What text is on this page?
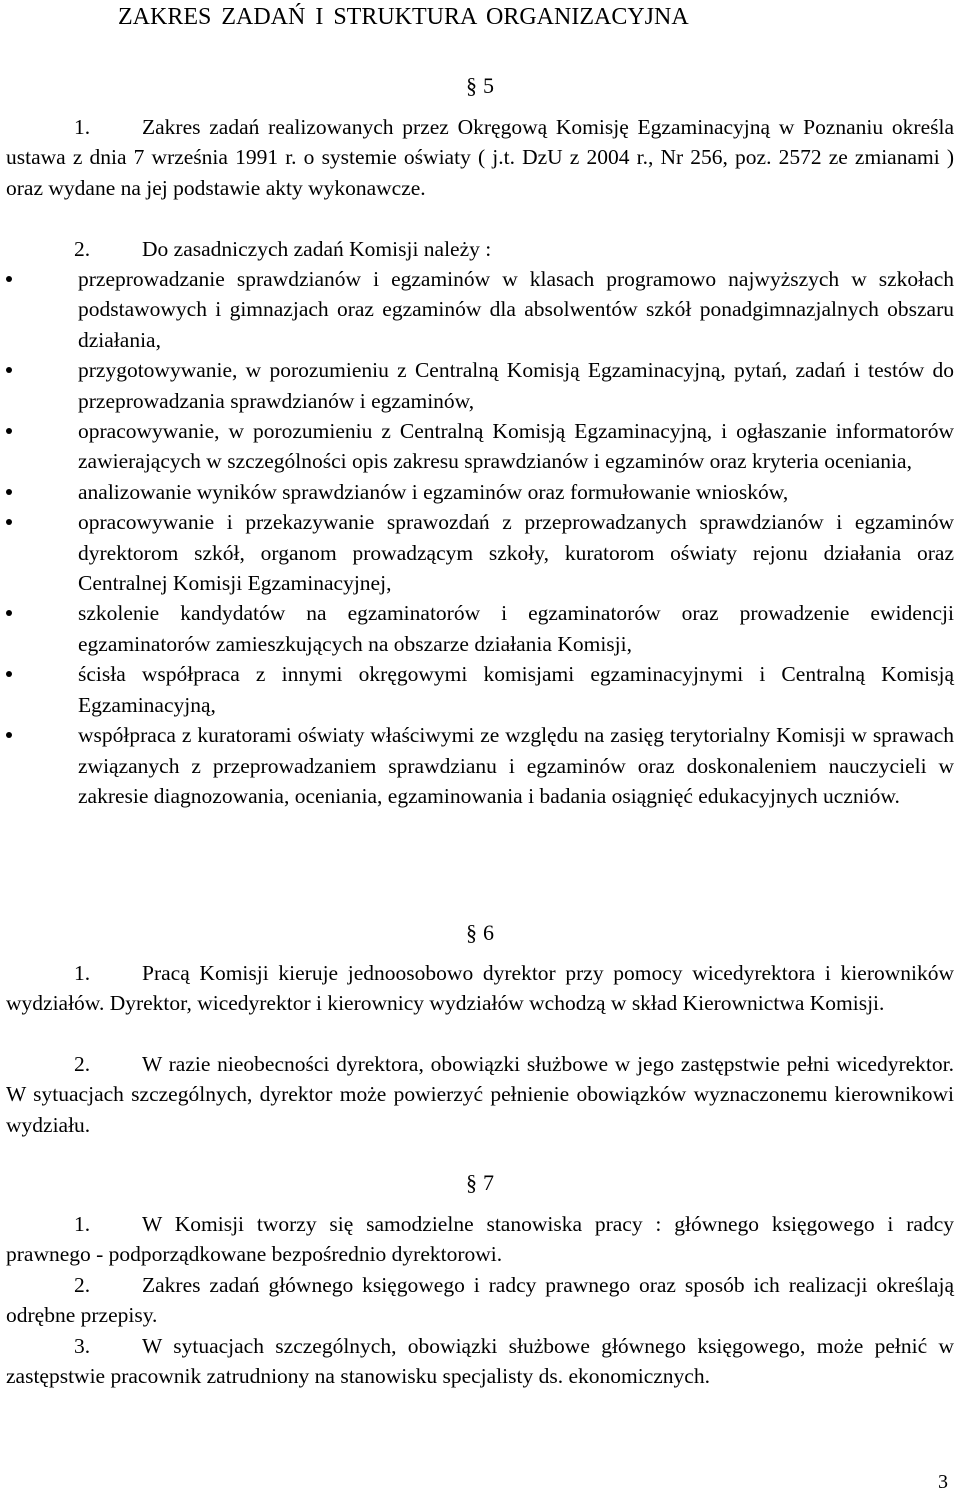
ZAKRES ZADAŃ I STRUKTURA ORGANIZACYJNA
§ 5

1. Zakres zadań realizowanych przez Okręgową Komisję Egzaminacyjną w Poznaniu określa ustawa z dnia 7 września 1991 r. o systemie oświaty ( j.t. DzU z 2004 r., Nr 256, poz. 2572 ze zmianami ) oraz wydane na jej podstawie akty wykonawcze.

2. Do zasadniczych zadań Komisji należy :

przeprowadzanie sprawdzianów i egzaminów w klasach programowo najwyższych w szkołach podstawowych i gimnazjach oraz egzaminów dla absolwentów szkół ponadgimnazjalnych obszaru działania,
przygotowywanie, w porozumieniu z Centralną Komisją Egzaminacyjną, pytań, zadań i testów do przeprowadzania sprawdzianów i egzaminów,
opracowywanie, w porozumieniu z Centralną Komisją Egzaminacyjną, i ogłaszanie informatorów zawierających w szczególności opis zakresu sprawdzianów i egzaminów oraz kryteria oceniania,
analizowanie wyników sprawdzianów i egzaminów oraz formułowanie wniosków,
opracowywanie i przekazywanie sprawozdań z przeprowadzanych sprawdzianów i egzaminów dyrektorom szkół, organom prowadzącym szkoły, kuratorom oświaty rejonu działania oraz Centralnej Komisji Egzaminacyjnej,
szkolenie kandydatów na egzaminatorów i egzaminatorów oraz prowadzenie ewidencji egzaminatorów zamieszkujących na obszarze działania Komisji,
ścisła współpraca z innymi okręgowymi komisjami egzaminacyjnymi i Centralną Komisją Egzaminacyjną,
współpraca z kuratorami oświaty właściwymi ze względu na zasięg terytorialny Komisji w sprawach związanych z przeprowadzaniem sprawdzianu i egzaminów oraz doskonaleniem nauczycieli w zakresie diagnozowania, oceniania, egzaminowania i badania osiągnięć edukacyjnych uczniów.
§ 6

1. Pracą Komisji kieruje jednoosobowo dyrektor przy pomocy wicedyrektora i kierowników wydziałów. Dyrektor, wicedyrektor i kierownicy wydziałów wchodzą w skład Kierownictwa Komisji.

2. W razie nieobecności dyrektora, obowiązki służbowe w jego zastępstwie pełni wicedyrektor. W sytuacjach szczególnych, dyrektor może powierzyć pełnienie obowiązków wyznaczonemu kierownikowi wydziału.

§ 7

1. W Komisji tworzy się samodzielne stanowiska pracy : głównego księgowego i radcy prawnego - podporządkowane bezpośrednio dyrektorowi.

2. Zakres zadań głównego księgowego i radcy prawnego oraz sposób ich realizacji określają odrębne przepisy.

3. W sytuacjach szczególnych, obowiązki służbowe głównego księgowego, może pełnić w zastępstwie pracownik zatrudniony na stanowisku specjalisty ds. ekonomicznych.

3
